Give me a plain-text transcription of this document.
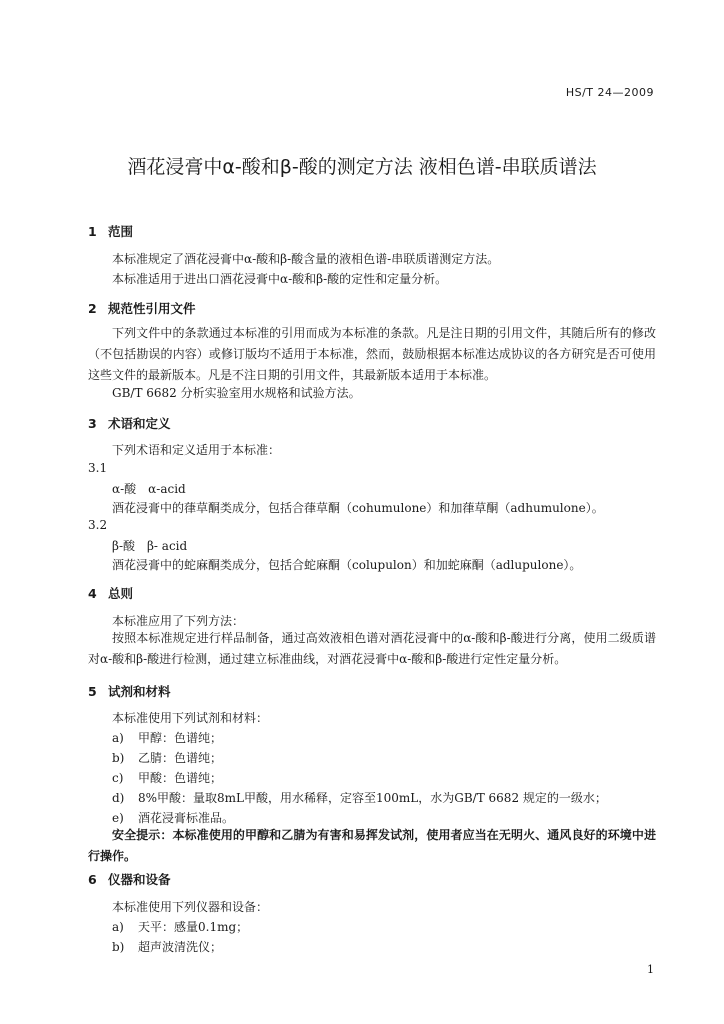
HS/T 24—2009
酒花浸膏中α-酸和β-酸的测定方法 液相色谱-串联质谱法
1 范围
本标准规定了酒花浸膏中α-酸和β-酸含量的液相色谱-串联质谱测定方法。
本标准适用于进出口酒花浸膏中α-酸和β-酸的定性和定量分析。
2 规范性引用文件
下列文件中的条款通过本标准的引用而成为本标准的条款。凡是注日期的引用文件，其随后所有的修改（不包括勘误的内容）或修订版均不适用于本标准，然而，鼓励根据本标准达成协议的各方研究是否可使用这些文件的最新版本。凡是不注日期的引用文件，其最新版本适用于本标准。
GB/T 6682 分析实验室用水规格和试验方法。
3 术语和定义
下列术语和定义适用于本标准：
3.1
α-酸　α-acid
酒花浸膏中的葎草酮类成分，包括合葎草酮（cohumulone）和加葎草酮（adhumulone）。
3.2
β-酸　β- acid
酒花浸膏中的蛇麻酮类成分，包括合蛇麻酮（colupulon）和加蛇麻酮（adlupulone）。
4 总则
本标准应用了下列方法：
按照本标准规定进行样品制备，通过高效液相色谱对酒花浸膏中的α-酸和β-酸进行分离，使用二级质谱对α-酸和β-酸进行检测，通过建立标准曲线，对酒花浸膏中α-酸和β-酸进行定性定量分析。
5 试剂和材料
本标准使用下列试剂和材料：
a) 甲醇：色谱纯；
b) 乙腈：色谱纯；
c) 甲酸：色谱纯；
d) 8%甲酸：量取8mL甲酸，用水稀释，定容至100mL，水为GB/T 6682 规定的一级水；
e) 酒花浸膏标准品。
安全提示：本标准使用的甲醇和乙腈为有害和易挥发试剂，使用者应当在无明火、通风良好的环境中进行操作。
6 仪器和设备
本标准使用下列仪器和设备：
a) 天平：感量0.1mg；
b) 超声波清洗仪；
1
